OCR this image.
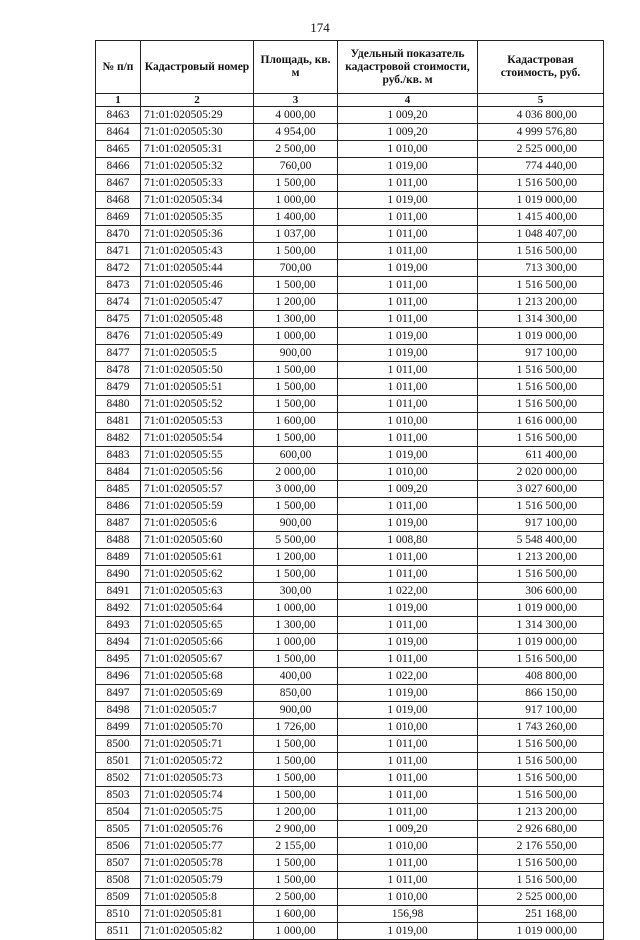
174
№ п/п	Кадастровый номер	Площадь, кв. м	Удельный показатель кадастровой стоимости, руб./кв. м	Кадастровая стоимость, руб.
1	2	3	4	5
8463	71:01:020505:29	4 000,00	1 009,20	4 036 800,00
8464	71:01:020505:30	4 954,00	1 009,20	4 999 576,80
8465	71:01:020505:31	2 500,00	1 010,00	2 525 000,00
8466	71:01:020505:32	760,00	1 019,00	774 440,00
8467	71:01:020505:33	1 500,00	1 011,00	1 516 500,00
8468	71:01:020505:34	1 000,00	1 019,00	1 019 000,00
8469	71:01:020505:35	1 400,00	1 011,00	1 415 400,00
8470	71:01:020505:36	1 037,00	1 011,00	1 048 407,00
8471	71:01:020505:43	1 500,00	1 011,00	1 516 500,00
8472	71:01:020505:44	700,00	1 019,00	713 300,00
8473	71:01:020505:46	1 500,00	1 011,00	1 516 500,00
8474	71:01:020505:47	1 200,00	1 011,00	1 213 200,00
8475	71:01:020505:48	1 300,00	1 011,00	1 314 300,00
8476	71:01:020505:49	1 000,00	1 019,00	1 019 000,00
8477	71:01:020505:5	900,00	1 019,00	917 100,00
8478	71:01:020505:50	1 500,00	1 011,00	1 516 500,00
8479	71:01:020505:51	1 500,00	1 011,00	1 516 500,00
8480	71:01:020505:52	1 500,00	1 011,00	1 516 500,00
8481	71:01:020505:53	1 600,00	1 010,00	1 616 000,00
8482	71:01:020505:54	1 500,00	1 011,00	1 516 500,00
8483	71:01:020505:55	600,00	1 019,00	611 400,00
8484	71:01:020505:56	2 000,00	1 010,00	2 020 000,00
8485	71:01:020505:57	3 000,00	1 009,20	3 027 600,00
8486	71:01:020505:59	1 500,00	1 011,00	1 516 500,00
8487	71:01:020505:6	900,00	1 019,00	917 100,00
8488	71:01:020505:60	5 500,00	1 008,80	5 548 400,00
8489	71:01:020505:61	1 200,00	1 011,00	1 213 200,00
8490	71:01:020505:62	1 500,00	1 011,00	1 516 500,00
8491	71:01:020505:63	300,00	1 022,00	306 600,00
8492	71:01:020505:64	1 000,00	1 019,00	1 019 000,00
8493	71:01:020505:65	1 300,00	1 011,00	1 314 300,00
8494	71:01:020505:66	1 000,00	1 019,00	1 019 000,00
8495	71:01:020505:67	1 500,00	1 011,00	1 516 500,00
8496	71:01:020505:68	400,00	1 022,00	408 800,00
8497	71:01:020505:69	850,00	1 019,00	866 150,00
8498	71:01:020505:7	900,00	1 019,00	917 100,00
8499	71:01:020505:70	1 726,00	1 010,00	1 743 260,00
8500	71:01:020505:71	1 500,00	1 011,00	1 516 500,00
8501	71:01:020505:72	1 500,00	1 011,00	1 516 500,00
8502	71:01:020505:73	1 500,00	1 011,00	1 516 500,00
8503	71:01:020505:74	1 500,00	1 011,00	1 516 500,00
8504	71:01:020505:75	1 200,00	1 011,00	1 213 200,00
8505	71:01:020505:76	2 900,00	1 009,20	2 926 680,00
8506	71:01:020505:77	2 155,00	1 010,00	2 176 550,00
8507	71:01:020505:78	1 500,00	1 011,00	1 516 500,00
8508	71:01:020505:79	1 500,00	1 011,00	1 516 500,00
8509	71:01:020505:8	2 500,00	1 010,00	2 525 000,00
8510	71:01:020505:81	1 600,00	156,98	251 168,00
8511	71:01:020505:82	1 000,00	1 019,00	1 019 000,00
